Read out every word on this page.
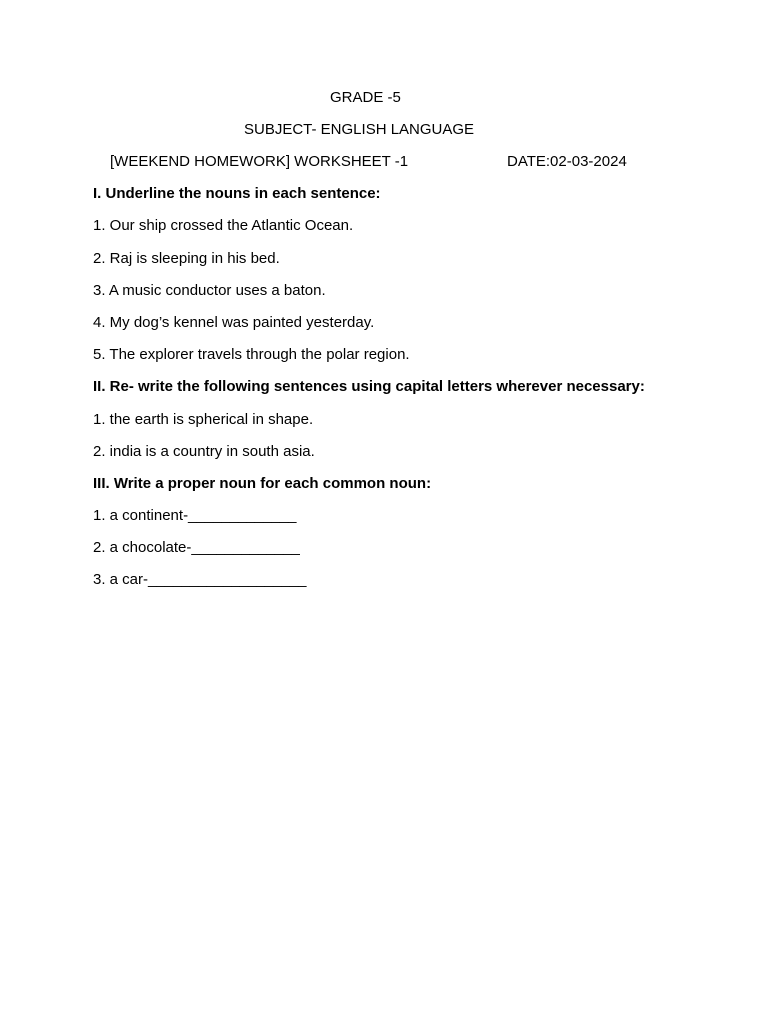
GRADE -5
SUBJECT- ENGLISH LANGUAGE
[WEEKEND HOMEWORK] WORKSHEET -1	DATE:02-03-2024
I. Underline the nouns in each sentence:
1. Our ship crossed the Atlantic Ocean.
2. Raj is sleeping in his bed.
3. A music conductor uses a baton.
4. My dog’s kennel was painted yesterday.
5. The explorer travels through the polar region.
II. Re- write the following sentences using capital letters wherever necessary:
1. the earth is spherical in shape.
2. india is a country in south asia.
III. Write a proper noun for each common noun:
1. a continent-_____________
2. a chocolate-_____________
3. a car-___________________
